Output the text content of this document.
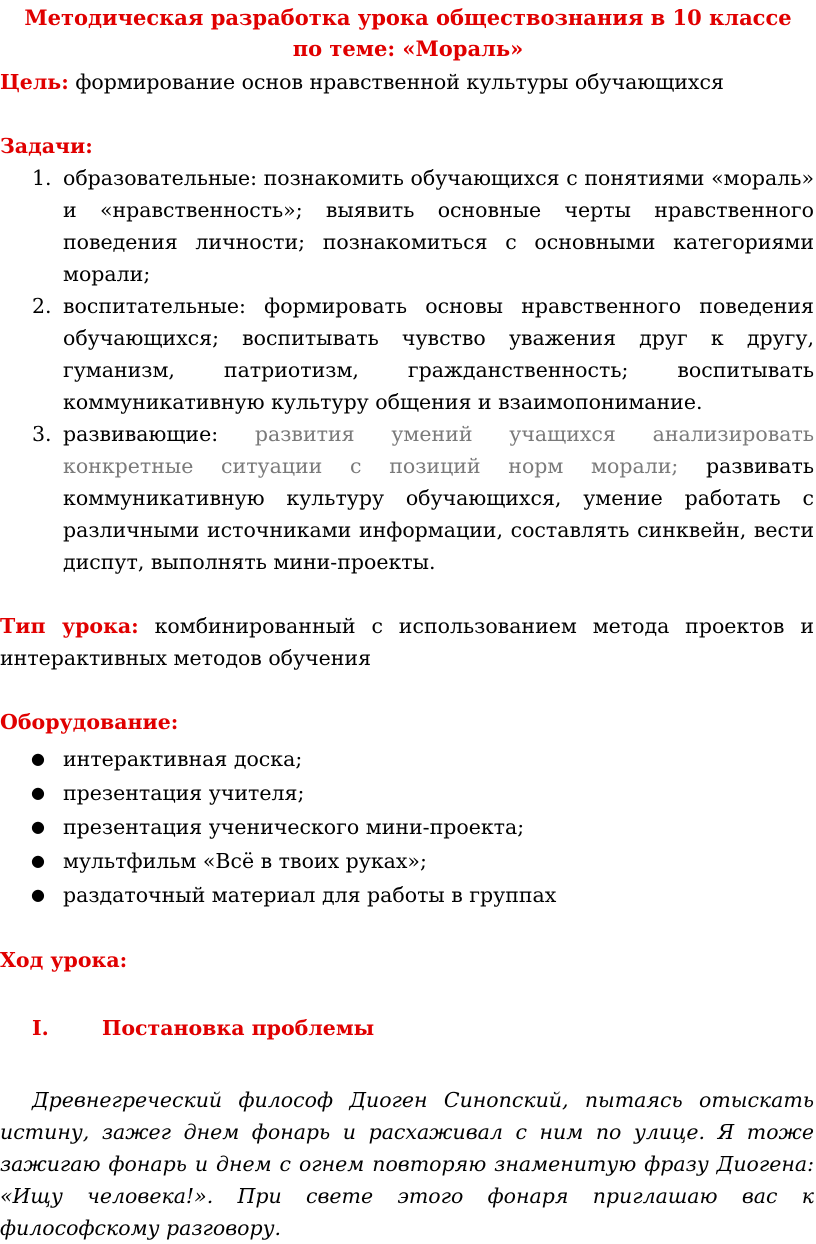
Методическая разработка урока обществознания в 10 классе
по теме: «Мораль»

Цель: формирование основ нравственной культуры обучающихся

Задачи:
1. образовательные: познакомить обучающихся с понятиями «мораль» и «нравственность»; выявить основные черты нравственного поведения личности; познакомиться с основными категориями морали;
2. воспитательные: формировать основы нравственного поведения обучающихся; воспитывать чувство уважения друг к другу, гуманизм, патриотизм, гражданственность; воспитывать коммуникативную культуру общения и взаимопонимание.
3. развивающие: развития умений учащихся анализировать конкретные ситуации с позиций норм морали; развивать коммуникативную культуру обучающихся, умение работать с различными источниками информации, составлять синквейн, вести диспут, выполнять мини-проекты.

Тип урока: комбинированный с использованием метода проектов и интерактивных методов обучения

Оборудование:
● интерактивная доска;
● презентация учителя;
● презентация ученического мини-проекта;
● мультфильм «Всё в твоих руках»;
● раздаточный материал для работы в группах
Ход урока:
I.	Постановка проблемы

Древнегреческий философ Диоген Синопский, пытаясь отыскать истину, зажег днем фонарь и расхаживал с ним по улице. Я тоже зажигаю фонарь и днем с огнем повторяю знаменитую фразу Диогена: «Ищу человека!». При свете этого фонаря приглашаю вас к философскому разговору.
